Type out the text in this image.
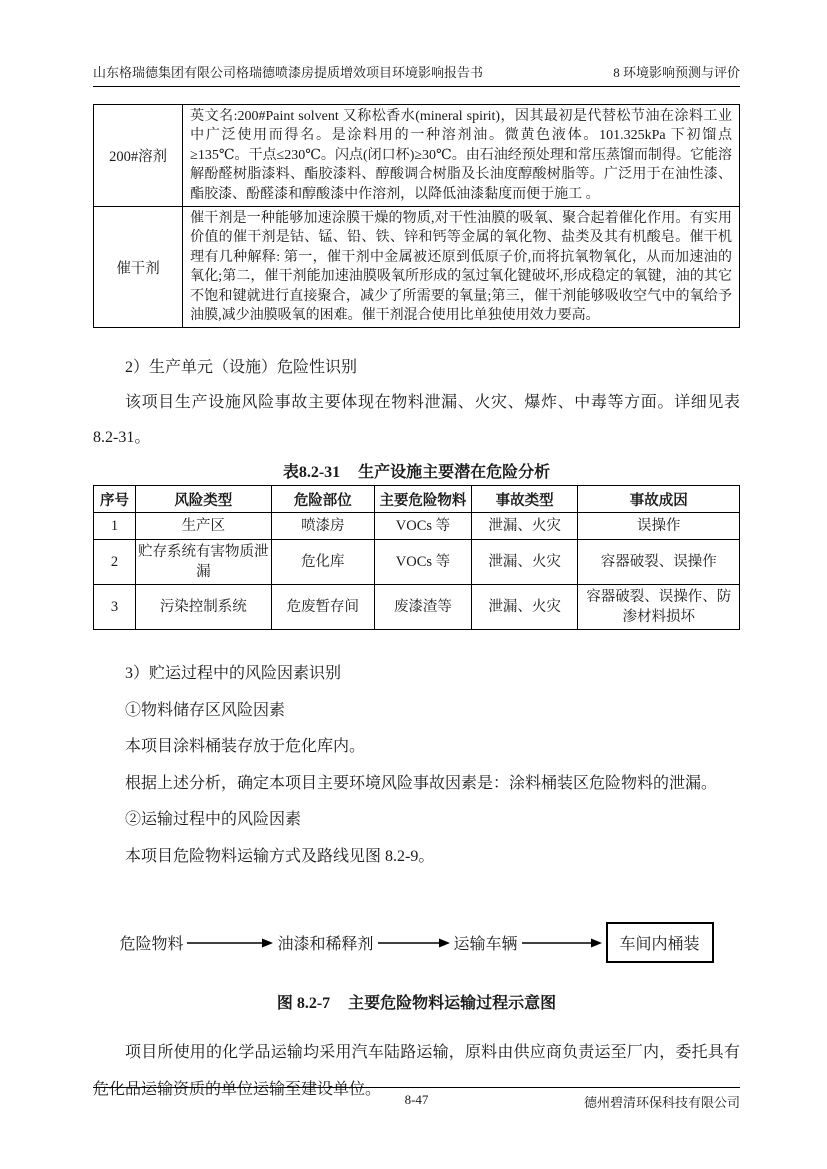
山东格瑞德集团有限公司格瑞德喷漆房提质增效项目环境影响报告书	8 环境影响预测与评价
200#溶剂	英文名:200#Paint solvent 又称松香水(mineral spirit)，因其最初是代替松节油在涂料工业中广泛使用而得名。是涂料用的一种溶剂油。微黄色液体。101.325kPa 下初馏点≥135℃。干点≤230℃。闪点(闭口杯)≥30℃。由石油经预处理和常压蒸馏而制得。它能溶解酚醛树脂漆料、酯胶漆料、醇酸调合树脂及长油度醇酸树脂等。广泛用于在油性漆、酯胶漆、酚醛漆和醇酸漆中作溶剂，以降低油漆黏度而便于施工 。
催干剂	催干剂是一种能够加速涂膜干燥的物质,对干性油膜的吸氧、聚合起着催化作用。有实用价值的催干剂是钴、锰、铅、铁、锌和钙等金属的氧化物、盐类及其有机酸皂。催干机理有几种解释: 第一，催干剂中金属被还原到低原子价,而将抗氧物氧化，从而加速油的氧化;第二，催干剂能加速油膜吸氧所形成的氢过氧化键破坏,形成稳定的氧键，油的其它不饱和键就进行直接聚合，减少了所需要的氧量;第三，催干剂能够吸收空气中的氧给予油膜,减少油膜吸氧的困难。催干剂混合使用比单独使用效力要高。

2）生产单元（设施）危险性识别

该项目生产设施风险事故主要体现在物料泄漏、火灾、爆炸、中毒等方面。详细见表 8.2-31。

表8.2-31 生产设施主要潜在危险分析
序号	风险类型	危险部位	主要危险物料	事故类型	事故成因
1	生产区	喷漆房	VOCs 等	泄漏、火灾	误操作
2	贮存系统有害物质泄漏	危化库	VOCs 等	泄漏、火灾	容器破裂、误操作
3	污染控制系统	危废暂存间	废漆渣等	泄漏、火灾	容器破裂、误操作、防渗材料损坏

3）贮运过程中的风险因素识别

①物料储存区风险因素

本项目涂料桶装存放于危化库内。

根据上述分析，确定本项目主要环境风险事故因素是：涂料桶装区危险物料的泄漏。

②运输过程中的风险因素

本项目危险物料运输方式及路线见图 8.2-9。

危险物料	油漆和稀释剂	运输车辆	车间内桶装
图 8.2-7 主要危险物料运输过程示意图

项目所使用的化学品运输均采用汽车陆路运输，原料由供应商负责运至厂内，委托具有危化品运输资质的单位运输至建设单位。

8-47	德州碧清环保科技有限公司
